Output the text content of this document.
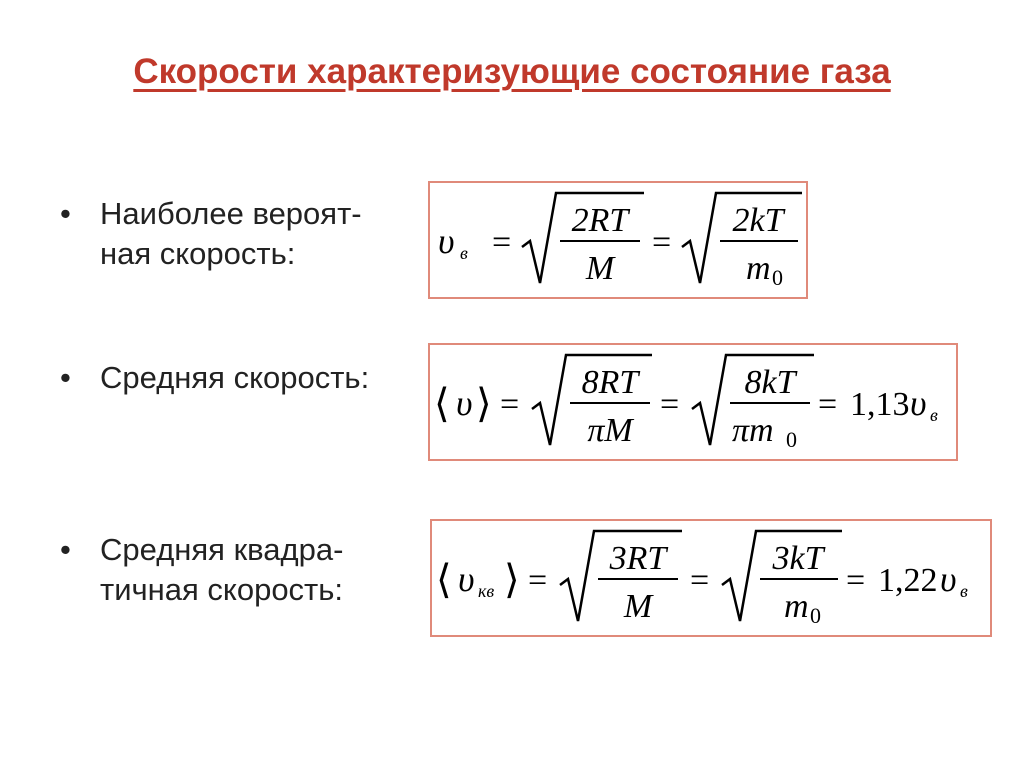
Скорости характеризующие состояние газа
• Наиболее вероят-
ная скорость:	υ в =
2RT
M
=
2kT
m 0
• Средняя скорость:
⟨ υ ⟩ =
8RT
πM
=
8kT
πm 0
= 1,13 υ в
• Средняя квадра-
тичная скорость: ⟨ υ кв ⟩ =
3RT
M
=
3kT
m 0
= 1,22 υ в
